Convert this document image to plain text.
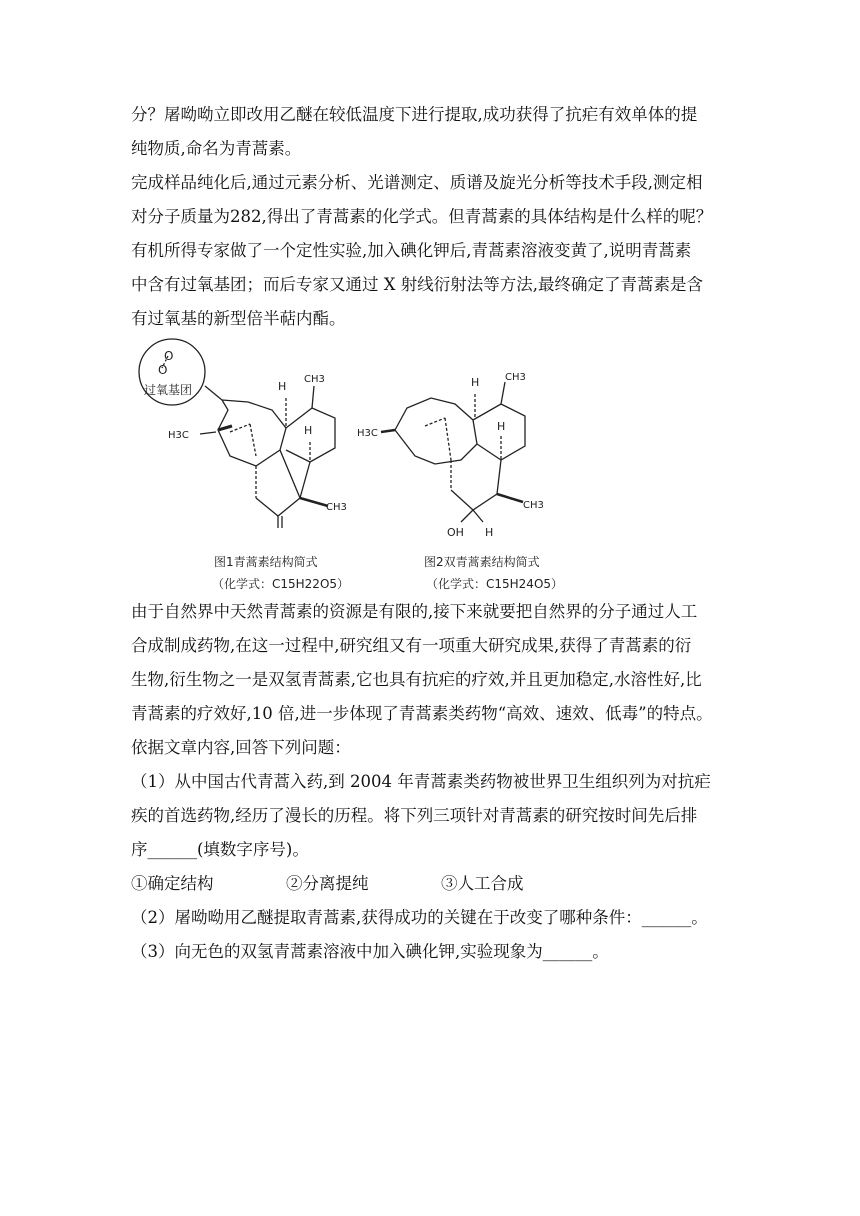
分？屠呦呦立即改用乙醚在较低温度下进行提取,成功获得了抗疟有效单体的提
纯物质,命名为青蒿素。
完成样品纯化后,通过元素分析、光谱测定、质谱及旋光分析等技术手段,测定相
对分子质量为282,得出了青蒿素的化学式。但青蒿素的具体结构是什么样的呢？
有机所得专家做了一个定性实验,加入碘化钾后,青蒿素溶液变黄了,说明青蒿素
中含有过氧基团；而后专家又通过 X 射线衍射法等方法,最终确定了青蒿素是含
有过氧基的新型倍半萜内酯。
O
O
过氧基团
CH3
H
H
H3C
CH3
图1青蒿素结构简式
（化学式：C15H22O5）
H	CH3
H
H3C
CH3
OH H
图2双青蒿素结构简式
（化学式：C15H24O5）
由于自然界中天然青蒿素的资源是有限的,接下来就要把自然界的分子通过人工
合成制成药物,在这一过程中,研究组又有一项重大研究成果,获得了青蒿素的衍
生物,衍生物之一是双氢青蒿素,它也具有抗疟的疗效,并且更加稳定,水溶性好,比
青蒿素的疗效好,10 倍,进一步体现了青蒿素类药物“高效、速效、低毒”的特点。
依据文章内容,回答下列问题：
（1）从中国古代青蒿入药,到 2004 年青蒿素类药物被世界卫生组织列为对抗疟
疾的首选药物,经历了漫长的历程。将下列三项针对青蒿素的研究按时间先后排
序______(填数字序号)。
①确定结构	②分离提纯	③人工合成
（2）屠呦呦用乙醚提取青蒿素,获得成功的关键在于改变了哪种条件：______。
（3）向无色的双氢青蒿素溶液中加入碘化钾,实验现象为______。
